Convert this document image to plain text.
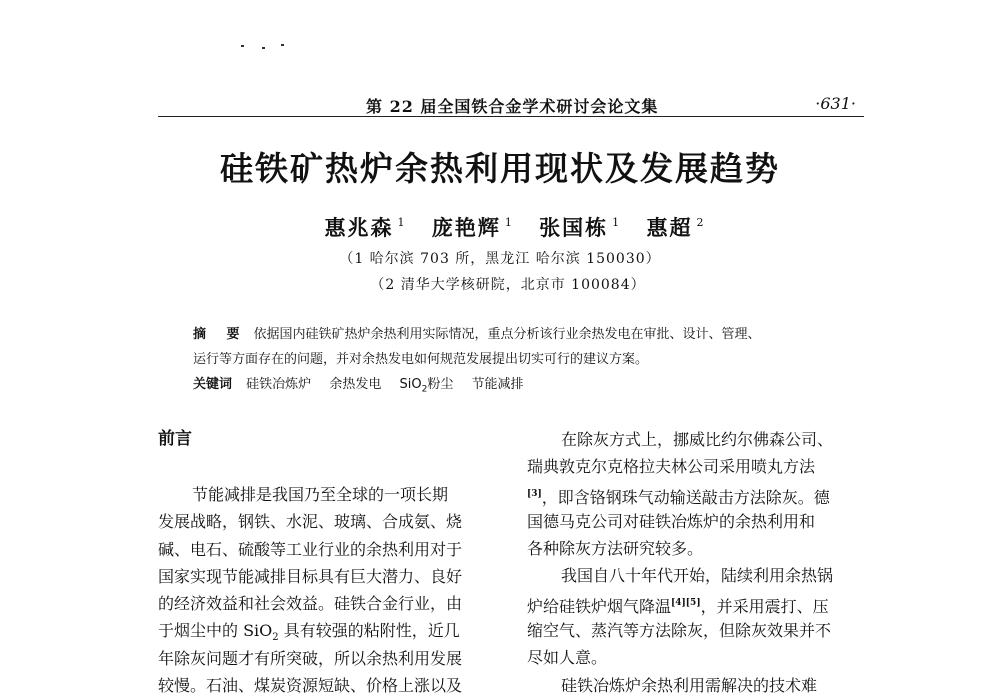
第 22 届全国铁合金学术研讨会论文集	·631·
硅铁矿热炉余热利用现状及发展趋势
惠兆森 $^1$ 庞艳辉 $^1$ 张国栋 $^1$ 惠超 $^2$
（1 哈尔滨 703 所，黑龙江 哈尔滨 150030）
（2 清华大学核研院，北京市 100084）
摘 要 依据国内硅铁矿热炉余热利用实际情况，重点分析该行业余热发电在审批、设计、管理、
运行等方面存在的问题，并对余热发电如何规范发展提出切实可行的建议方案。
关键词 硅铁冶炼炉 余热发电 SiO$_2$粉尘 节能减排
前言
节能减排是我国乃至全球的一项长期
发展战略，钢铁、水泥、玻璃、合成氨、烧
碱、电石、硫酸等工业行业的余热利用对于
国家实现节能减排目标具有巨大潜力、良好
的经济效益和社会效益。硅铁合金行业，由
于烟尘中的 SiO$_2$ 具有较强的粘附性，近几
年除灰问题才有所突破，所以余热利用发展
较慢。石油、煤炭资源短缺、价格上涨以及
在除灰方式上，挪威比约尔佛森公司、
瑞典敦克尔克格拉夫林公司采用喷丸方法
[3]，即含铬钢珠气动输送敲击方法除灰。德
国德马克公司对硅铁冶炼炉的余热利用和
各种除灰方法研究较多。
我国自八十年代开始，陆续利用余热锅
炉给硅铁炉烟气降温[4][5]，并采用震打、压
缩空气、蒸汽等方法除灰，但除灰效果并不
尽如人意。
硅铁冶炼炉余热利用需解决的技术难
